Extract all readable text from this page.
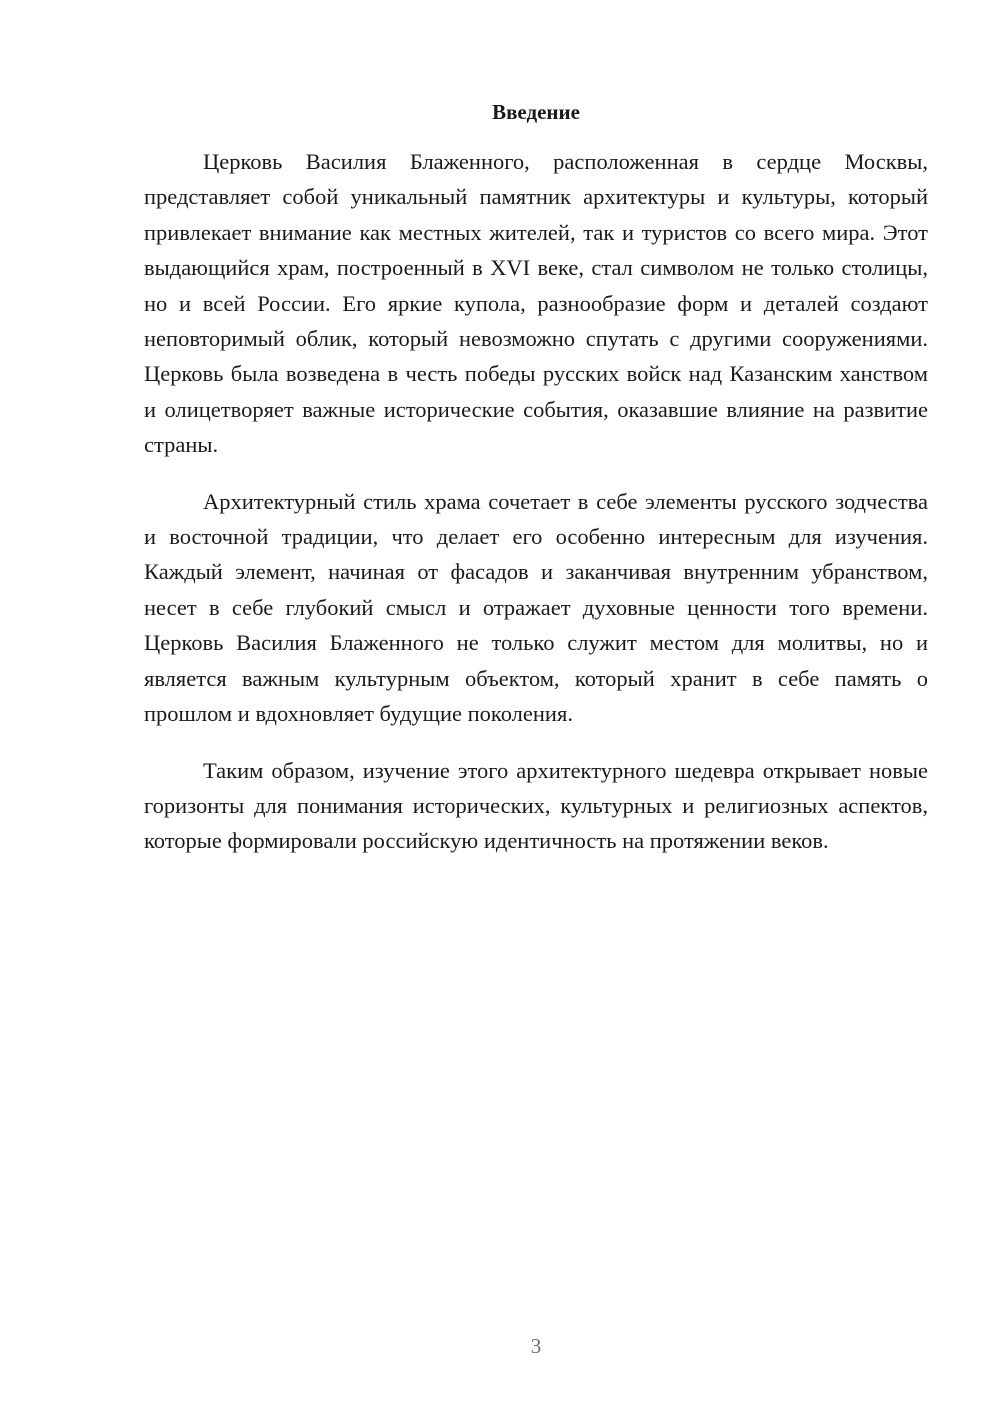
Введение

Церковь Василия Блаженного, расположенная в сердце Москвы, представляет собой уникальный памятник архитектуры и культуры, который привлекает внимание как местных жителей, так и туристов со всего мира. Этот выдающийся храм, построенный в XVI веке, стал символом не только столицы, но и всей России. Его яркие купола, разнообразие форм и деталей создают неповторимый облик, который невозможно спутать с другими сооружениями. Церковь была возведена в честь победы русских войск над Казанским ханством и олицетворяет важные исторические события, оказавшие влияние на развитие страны.

Архитектурный стиль храма сочетает в себе элементы русского зодчества и восточной традиции, что делает его особенно интересным для изучения. Каждый элемент, начиная от фасадов и заканчивая внутренним убранством, несет в себе глубокий смысл и отражает духовные ценности того времени. Церковь Василия Блаженного не только служит местом для молитвы, но и является важным культурным объектом, который хранит в себе память о прошлом и вдохновляет будущие поколения.

Таким образом, изучение этого архитектурного шедевра открывает новые горизонты для понимания исторических, культурных и религиозных аспектов, которые формировали российскую идентичность на протяжении веков.

3
